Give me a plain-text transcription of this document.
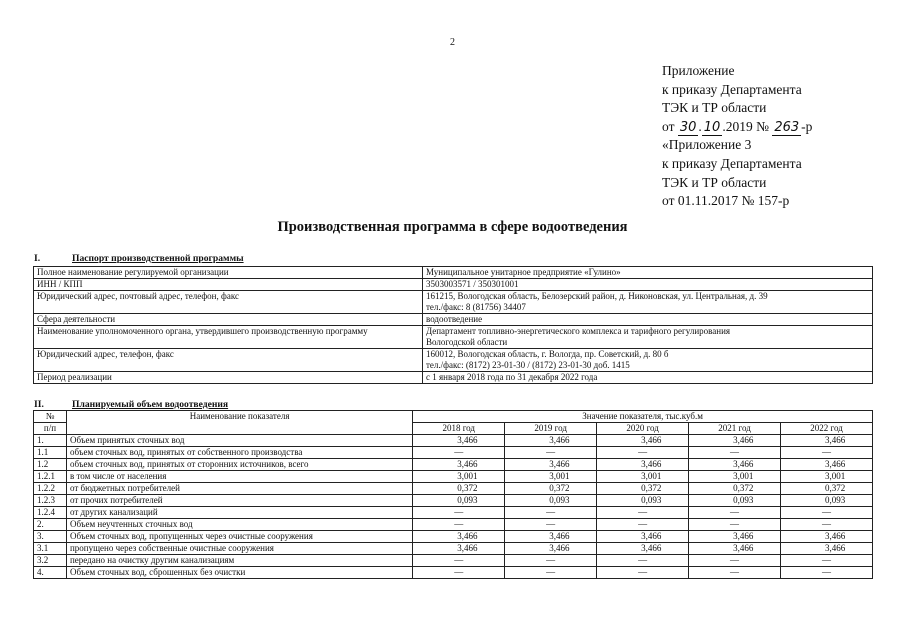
2
Приложение
к приказу Департамента
ТЭК и ТР области
от 30 . 10 .2019 № 263 -р
«Приложение 3
к приказу Департамента
ТЭК и ТР области
от 01.11.2017 № 157-р
Производственная программа в сфере водоотведения
I.	Паспорт производственной программы
Полное наименование регулируемой организации	Муниципальное унитарное предприятие «Гулино»

ИНН / КПП	3503003571 / 350301001

Юридический адрес, почтовый адрес, телефон, факс	161215, Вологодская область, Белозерский район, д. Никоновская, ул. Центральная, д. 39
тел./факс: 8 (81756) 34407

Сфера деятельности	водоотведение

Наименование уполномоченного органа, утвердившего производственную программу	Департамент топливно-энергетического комплекса и тарифного регулирования
Вологодской области

Юридический адрес, телефон, факс	160012, Вологодская область, г. Вологда, пр. Советский, д. 80 б
тел./факс: (8172) 23-01-30 / (8172) 23-01-30 доб. 1415

Период реализации	с 1 января 2018 года по 31 декабря 2022 года
II.	Планируемый объем водоотведения
№	Наименование показателя	Значение показателя, тыс.куб.м				
п/п		2018 год	2019 год	2020 год	2021 год	2022 год
1.	Объем принятых сточных вод	3,466	3,466	3,466	3,466	3,466
1.1	объем сточных вод, принятых от собственного производства	—	—	—	—	—
1.2	объем сточных вод, принятых от сторонних источников, всего	3,466	3,466	3,466	3,466	3,466
1.2.1	в том числе от населения	3,001	3,001	3,001	3,001	3,001
1.2.2	от бюджетных потребителей	0,372	0,372	0,372	0,372	0,372
1.2.3	от прочих потребителей	0,093	0,093	0,093	0,093	0,093
1.2.4	от других канализаций	—	—	—	—	—
2.	Объем неучтенных сточных вод	—	—	—	—	—
3.	Объем сточных вод, пропущенных через очистные сооружения	3,466	3,466	3,466	3,466	3,466
3.1	пропущено через собственные очистные сооружения	3,466	3,466	3,466	3,466	3,466
3.2	передано на очистку другим канализациям	—	—	—	—	—
4.	Объем сточных вод, сброшенных без очистки	—	—	—	—	—
